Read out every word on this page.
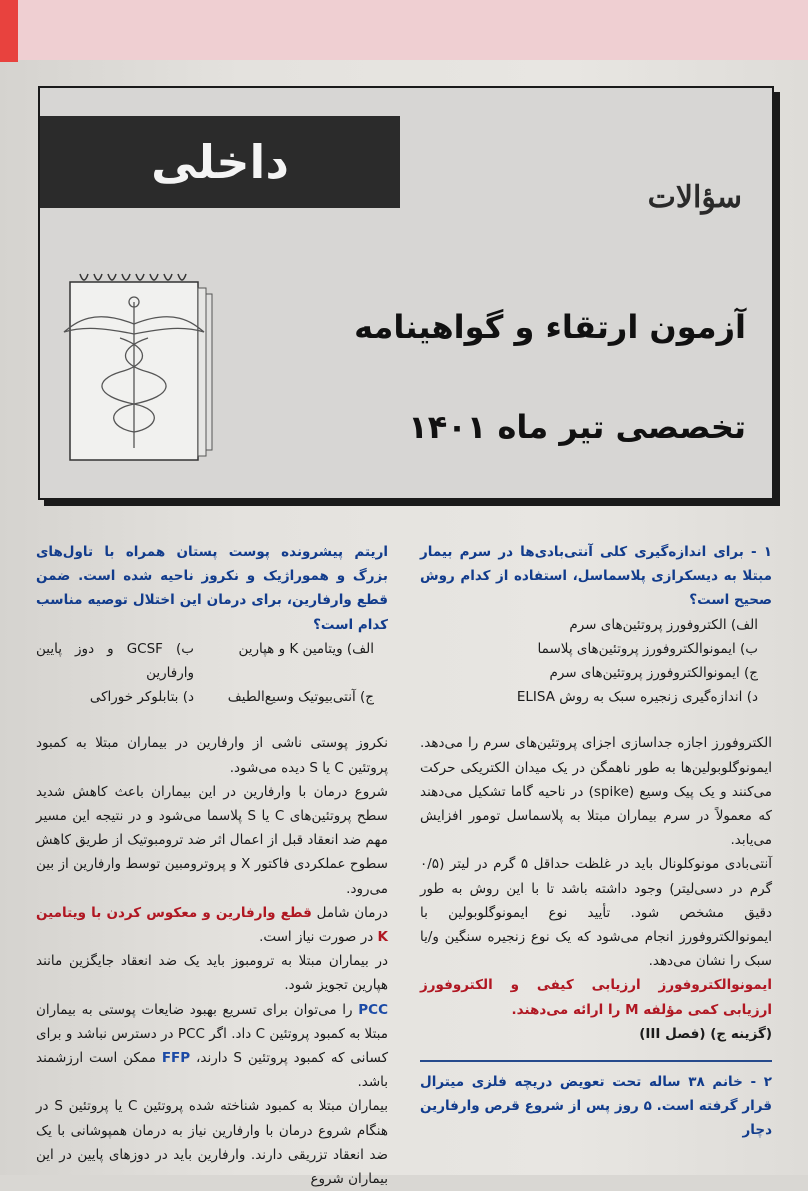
داخلی
سؤالات
آزمون ارتقاء و گواهینامه
تخصصی تیر ماه ۱۴۰۱

۱ - برای اندازه‌گیری کلی آنتی‌بادی‌ها در سرم بیمار مبتلا به دیسکرازی پلاسماسل، استفاده از کدام روش صحیح است؟

الف) الکتروفورز پروتئین‌های سرم

ب) ایمونوالکتروفورز پروتئین‌های پلاسما

ج) ایمونوالکتروفورز پروتئین‌های سرم

د) اندازه‌گیری زنجیره سبک به روش ELISA

الکتروفورز اجازه جداسازی اجزای پروتئین‌های سرم را می‌دهد. ایمونوگلوبولین‌ها به طور ناهمگن در یک میدان الکتریکی حرکت می‌کنند و یک پیک وسیع (spike) در ناحیه گاما تشکیل می‌دهند که معمولاً در سرم بیماران مبتلا به پلاسماسل تومور افزایش می‌یابد.

آنتی‌بادی مونوکلونال باید در غلظت حداقل ۵ گرم در لیتر (۰/۵ گرم در دسی‌لیتر) وجود داشته باشد تا با این روش به طور دقیق مشخص شود. تأیید نوع ایمونوگلوبولین با ایمونوالکتروفورز انجام می‌شود که یک نوع زنجیره سنگین و/یا سبک را نشان می‌دهد.

ایمونوالکتروفورز ارزیابی کیفی و الکتروفورز ارزیابی کمی مؤلفه M را ارائه می‌دهند.

(گزینه ج) (فصل III)

۲ - خانم ۳۸ ساله تحت تعویض دریچه فلزی میترال قرار گرفته است. ۵ روز پس از شروع قرص وارفارین دچار

اریتم پیشرونده پوست پستان همراه با تاول‌های بزرگ و هموراژیک و نکروز ناحیه شده است. ضمن قطع وارفارین، برای درمان این اختلال توصیه مناسب کدام است؟

الف) ویتامین K و هپارین

ب) GCSF و دوز پایین وارفارین

ج) آنتی‌بیوتیک وسیع‌الطیف

د) بتابلوکر خوراکی

نکروز پوستی ناشی از وارفارین در بیماران مبتلا به کمبود پروتئین C یا S دیده می‌شود.

شروع درمان با وارفارین در این بیماران باعث کاهش شدید سطح پروتئین‌های C یا S پلاسما می‌شود و در نتیجه این مسیر مهم ضد انعقاد قبل از اعمال اثر ضد ترومبوتیک از طریق کاهش سطوح عملکردی فاکتور X و پروترومبین توسط وارفارین از بین می‌رود.

درمان شامل قطع وارفارین و معکوس کردن با ویتامین K در صورت نیاز است.

در بیماران مبتلا به ترومبوز باید یک ضد انعقاد جایگزین مانند هپارین تجویز شود.

PCC را می‌توان برای تسریع بهبود ضایعات پوستی به بیماران مبتلا به کمبود پروتئین C داد. اگر PCC در دسترس نباشد و برای کسانی که کمبود پروتئین S دارند، FFP ممکن است ارزشمند باشد.

بیماران مبتلا به کمبود شناخته شده پروتئین C یا پروتئین S در هنگام شروع درمان با وارفارین نیاز به درمان همپوشانی با یک ضد انعقاد تزریقی دارند. وارفارین باید در دوزهای پایین در این بیماران شروع
